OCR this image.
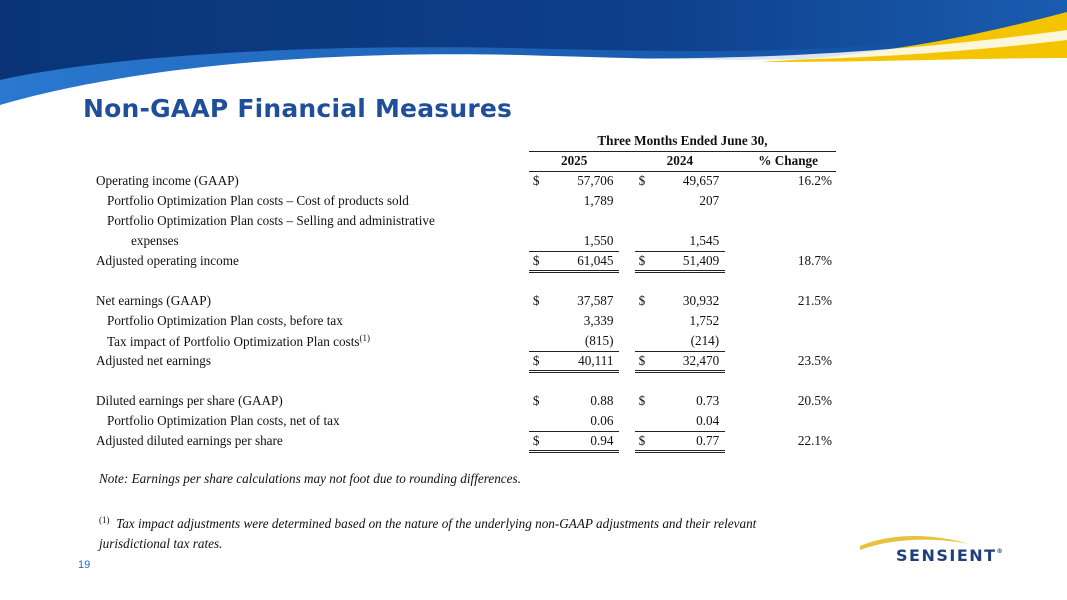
Non-GAAP Financial Measures
	Three Months Ended June 30,					
	2025			2024		% Change
Operating income (GAAP)	$	57,706		$	49,657	16.2%
Portfolio Optimization Plan costs – Cost of products sold		1,789			207	
Portfolio Optimization Plan costs – Selling and administrative						
expenses		1,550			1,545	
Adjusted operating income	$	61,045		$	51,409	18.7%

Net earnings (GAAP)	$	37,587		$	30,932	21.5%
Portfolio Optimization Plan costs, before tax		3,339			1,752	
Tax impact of Portfolio Optimization Plan costs$^{(1)}$		(815)			(214)	
Adjusted net earnings	$	40,111		$	32,470	23.5%

Diluted earnings per share (GAAP)	$	0.88		$	0.73	20.5%
Portfolio Optimization Plan costs, net of tax		0.06			0.04	
Adjusted diluted earnings per share	$	0.94		$	0.77	22.1%
Note: Earnings per share calculations may not foot due to rounding differences.
$^{(1)}$ Tax impact adjustments were determined based on the nature of the underlying non-GAAP adjustments and their relevant jurisdictional tax rates.
19	SENSIENT®
